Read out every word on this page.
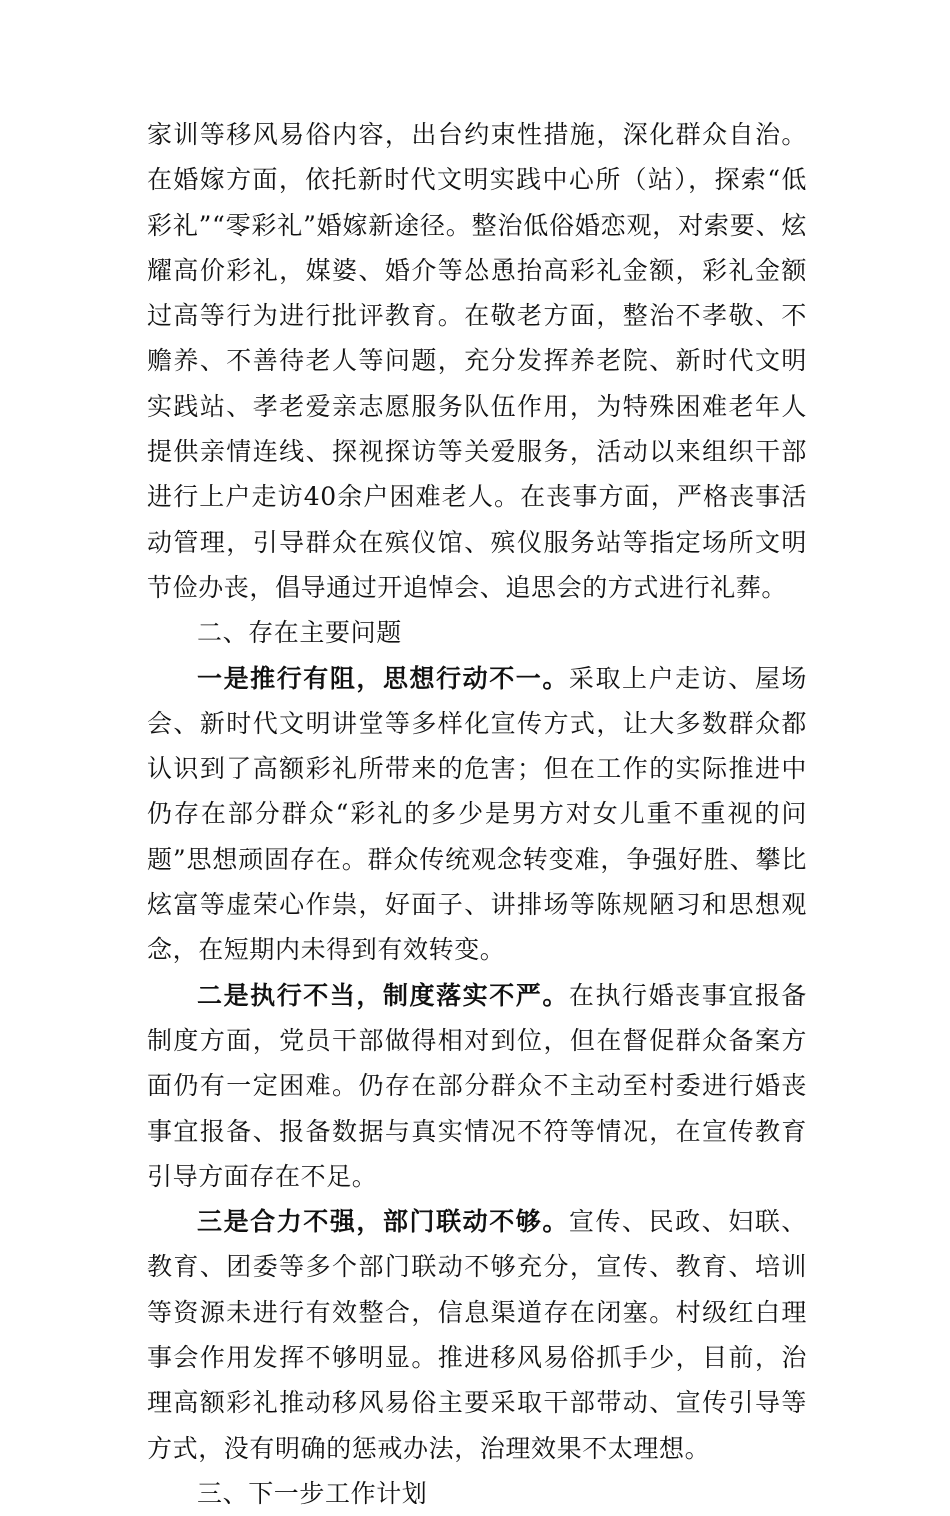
家训等移风易俗内容，出台约束性措施，深化群众自治。在婚嫁方面，依托新时代文明实践中心所（站），探索“低彩礼”“零彩礼”婚嫁新途径。整治低俗婚恋观，对索要、炫耀高价彩礼，媒婆、婚介等怂恿抬高彩礼金额，彩礼金额过高等行为进行批评教育。在敬老方面，整治不孝敬、不赡养、不善待老人等问题，充分发挥养老院、新时代文明实践站、孝老爱亲志愿服务队伍作用，为特殊困难老年人提供亲情连线、探视探访等关爱服务，活动以来组织干部进行上户走访40余户困难老人。在丧事方面，严格丧事活动管理，引导群众在殡仪馆、殡仪服务站等指定场所文明节俭办丧，倡导通过开追悼会、追思会的方式进行礼葬。

二、存在主要问题

一是推行有阻，思想行动不一。采取上户走访、屋场会、新时代文明讲堂等多样化宣传方式，让大多数群众都认识到了高额彩礼所带来的危害；但在工作的实际推进中仍存在部分群众“彩礼的多少是男方对女儿重不重视的问题”思想顽固存在。群众传统观念转变难，争强好胜、攀比炫富等虚荣心作祟，好面子、讲排场等陈规陋习和思想观念，在短期内未得到有效转变。

二是执行不当，制度落实不严。在执行婚丧事宜报备制度方面，党员干部做得相对到位，但在督促群众备案方面仍有一定困难。仍存在部分群众不主动至村委进行婚丧事宜报备、报备数据与真实情况不符等情况，在宣传教育引导方面存在不足。

三是合力不强，部门联动不够。宣传、民政、妇联、教育、团委等多个部门联动不够充分，宣传、教育、培训等资源未进行有效整合，信息渠道存在闭塞。村级红白理事会作用发挥不够明显。推进移风易俗抓手少，目前，治理高额彩礼推动移风易俗主要采取干部带动、宣传引导等方式，没有明确的惩戒办法，治理效果不太理想。

三、下一步工作计划
